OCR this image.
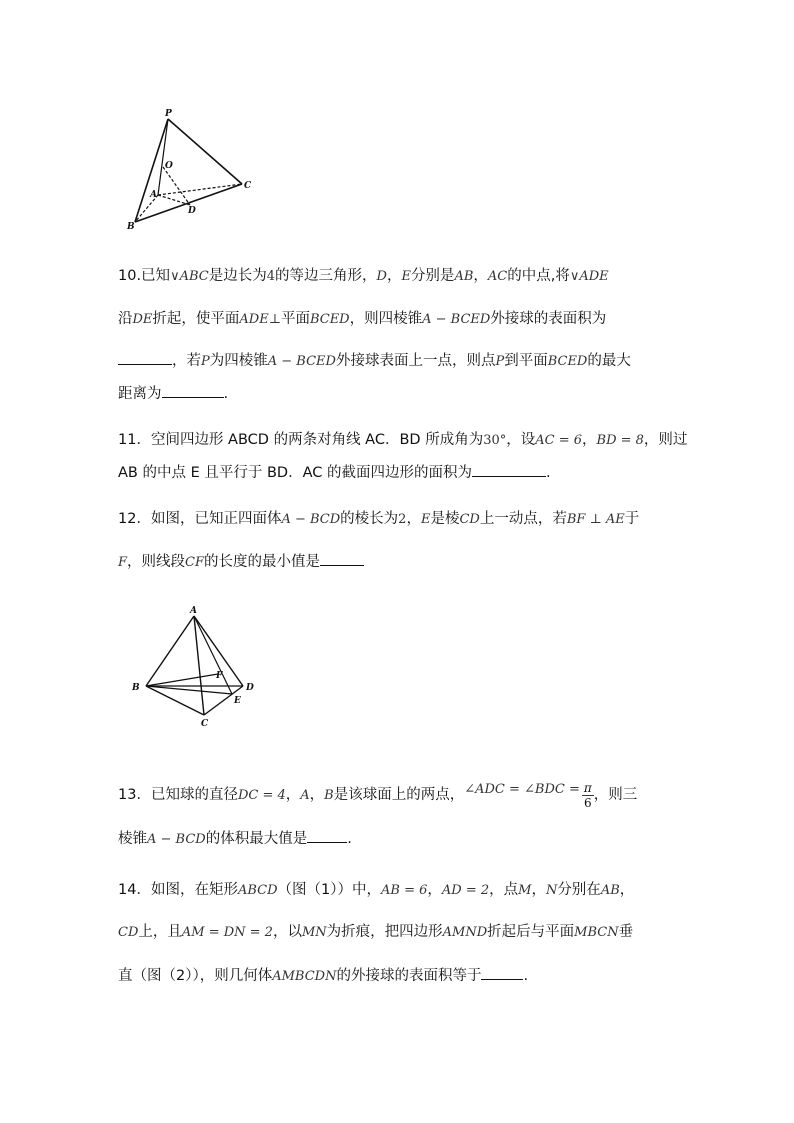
P
O
A
B
C
D
10.已知∨ABC是边长为4的等边三角形，D，E分别是AB，AC的中点,将∨ADE
沿DE折起，使平面ADE⊥平面BCED，则四棱锥A − BCED外接球的表面积为
，若P为四棱锥A − BCED外接球表面上一点，则点P到平面BCED的最大
距离为	.
11．空间四边形 ABCD 的两条对角线 AC．BD 所成角为30°，设AC = 6，BD = 8，则过
AB 的中点 E 且平行于 BD．AC 的截面四边形的面积为	.
12．如图，已知正四面体A − BCD的棱长为2，E是棱CD上一动点，若BF ⊥ AE于
F，则线段CF的长度的最小值是
A
B
C
D
E
F
13．已知球的直径DC = 4，A，B是该球面上的两点，∠ADC = ∠BDC = $\frac{\pi}{6}$ ，则三
棱锥A − BCD的体积最大值是	.
14．如图，在矩形ABCD（图（1））中，AB = 6，AD = 2，点M，N分别在AB，
CD上，且AM = DN = 2，以MN为折痕，把四边形AMND折起后与平面MBCN垂
直（图（2）），则几何体AMBCDN的外接球的表面积等于	.
